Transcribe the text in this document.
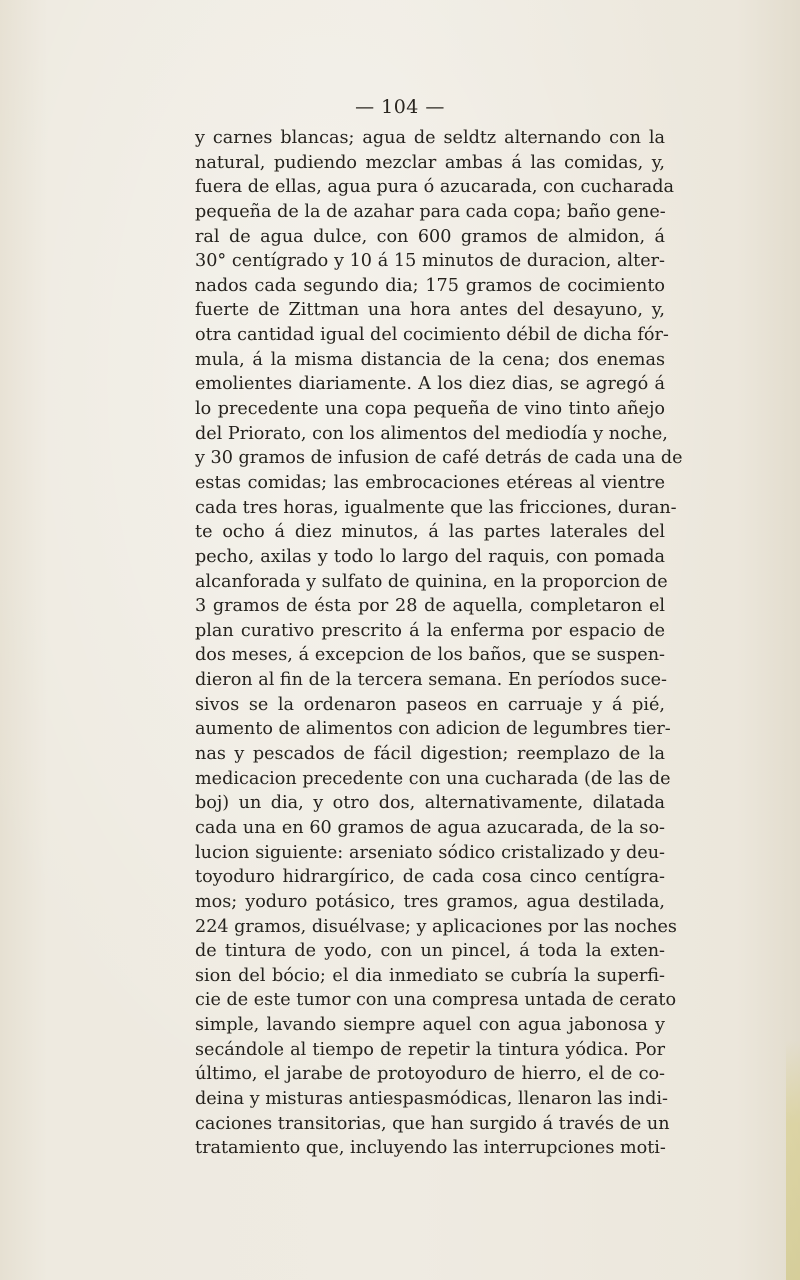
— 104 —
y carnes blancas; agua de seldtz alternando con la
natural, pudiendo mezclar ambas á las comidas, y,
fuera de ellas, agua pura ó azucarada, con cucharada
pequeña de la de azahar para cada copa; baño gene-
ral de agua dulce, con 600 gramos de almidon, á
30° centígrado y 10 á 15 minutos de duracion, alter-
nados cada segundo dia; 175 gramos de cocimiento
fuerte de Zittman una hora antes del desayuno, y,
otra cantidad igual del cocimiento débil de dicha fór-
mula, á la misma distancia de la cena; dos enemas
emolientes diariamente. A los diez dias, se agregó á
lo precedente una copa pequeña de vino tinto añejo
del Priorato, con los alimentos del mediodía y noche,
y 30 gramos de infusion de café detrás de cada una de
estas comidas; las embrocaciones etéreas al vientre
cada tres horas, igualmente que las fricciones, duran-
te ocho á diez minutos, á las partes laterales del
pecho, axilas y todo lo largo del raquis, con pomada
alcanforada y sulfato de quinina, en la proporcion de
3 gramos de ésta por 28 de aquella, completaron el
plan curativo prescrito á la enferma por espacio de
dos meses, á excepcion de los baños, que se suspen-
dieron al fin de la tercera semana. En períodos suce-
sivos se la ordenaron paseos en carruaje y á pié,
aumento de alimentos con adicion de legumbres tier-
nas y pescados de fácil digestion; reemplazo de la
medicacion precedente con una cucharada (de las de
boj) un dia, y otro dos, alternativamente, dilatada
cada una en 60 gramos de agua azucarada, de la so-
lucion siguiente: arseniato sódico cristalizado y deu-
toyoduro hidrargírico, de cada cosa cinco centígra-
mos; yoduro potásico, tres gramos, agua destilada,
224 gramos, disuélvase; y aplicaciones por las noches
de tintura de yodo, con un pincel, á toda la exten-
sion del bócio; el dia inmediato se cubría la superfi-
cie de este tumor con una compresa untada de cerato
simple, lavando siempre aquel con agua jabonosa y
secándole al tiempo de repetir la tintura yódica. Por
último, el jarabe de protoyoduro de hierro, el de co-
deina y misturas antiespasmódicas, llenaron las indi-
caciones transitorias, que han surgido á través de un
tratamiento que, incluyendo las interrupciones moti-
